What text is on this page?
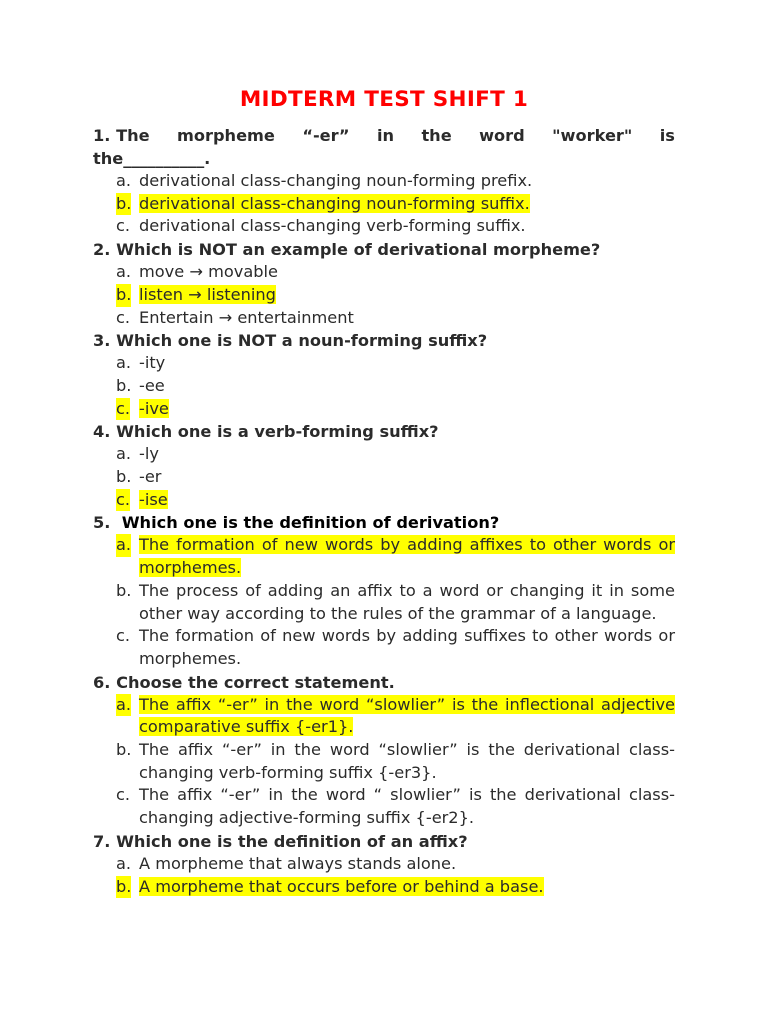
MIDTERM TEST SHIFT 1
1. The morpheme “-er” in the word "worker" is
the__________.
a. derivational class-changing noun-forming prefix.
b. derivational class-changing noun-forming suffix.
c. derivational class-changing verb-forming suffix.
2. Which is NOT an example of derivational morpheme?
a. move → movable
b. listen → listening
c. Entertain → entertainment
3. Which one is NOT a noun-forming suffix?
a. -ity
b. -ee
c. -ive
4. Which one is a verb-forming suffix?
a. -ly
b. -er
c. -ise
5. Which one is the definition of derivation?
a. The formation of new words by adding affixes to other words or morphemes.
b. The process of adding an affix to a word or changing it in some other way according to the rules of the grammar of a language.
c. The formation of new words by adding suffixes to other words or morphemes.
6. Choose the correct statement.
a. The affix “-er” in the word “slowlier” is the inflectional adjective comparative suffix {-er1}.
b. The affix “-er” in the word “slowlier” is the derivational class-changing verb-forming suffix {-er3}.
c. The affix “-er” in the word “ slowlier” is the derivational class-changing adjective-forming suffix {-er2}.
7. Which one is the definition of an affix?
a. A morpheme that always stands alone.
b. A morpheme that occurs before or behind a base.
